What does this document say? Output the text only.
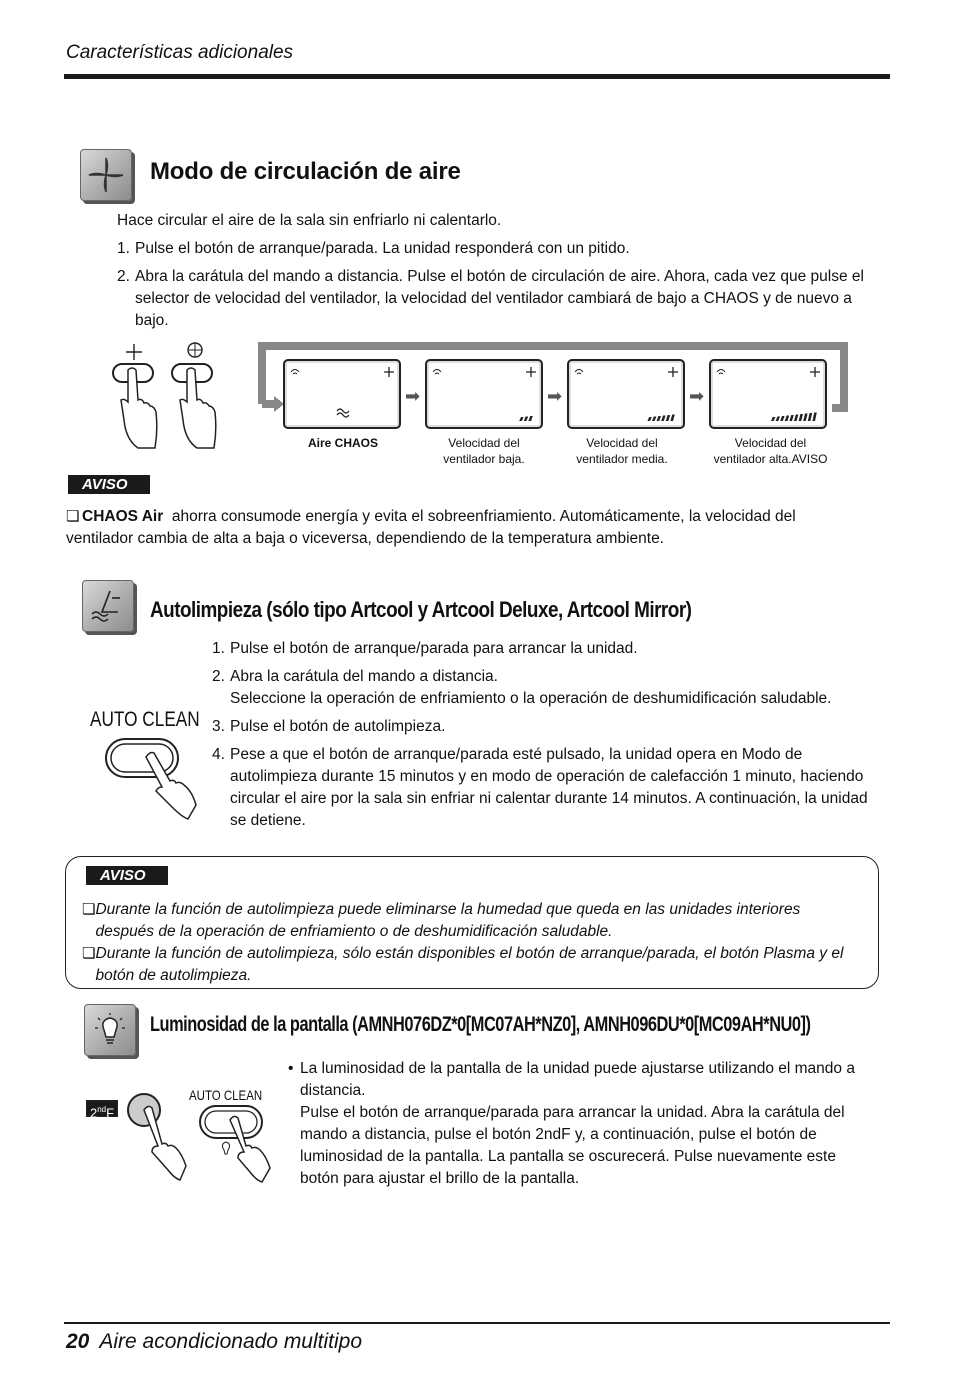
Características adicionales
Modo de circulación de aire
Hace circular el aire de la sala sin enfriarlo ni calentarlo.
1. Pulse el botón de arranque/parada. La unidad responderá con un pitido.
2. Abra la carátula del mando a distancia. Pulse el botón de circulación de aire. Ahora, cada vez que pulse el selector de velocidad del ventilador, la velocidad del ventilador cambiará de bajo a CHAOS y de nuevo a bajo.
➡	➡	➡
Aire CHAOS	Velocidad del
ventilador baja.
Velocidad del
ventilador media.
Velocidad del
ventilador alta.AVISO
AVISO
❏ CHAOS Air ahorra consumode energía y evita el sobreenfriamiento. Automáticamente, la velocidad del ventilador cambia de alta a baja o viceversa, dependiendo de la temperatura ambiente.
Autolimpieza (sólo tipo Artcool y Artcool Deluxe, Artcool Mirror)
AUTO CLEAN
1. Pulse el botón de arranque/parada para arrancar la unidad.
2. Abra la carátula del mando a distancia.
Seleccione la operación de enfriamiento o la operación de deshumidificación saludable.
3. Pulse el botón de autolimpieza.
4. Pese a que el botón de arranque/parada esté pulsado, la unidad opera en Modo de autolimpieza durante 15 minutos y en modo de operación de calefacción 1 minuto, haciendo circular el aire por la sala sin enfriar ni calentar durante 14 minutos. A continuación, la unidad se detiene.
AVISO
❏ Durante la función de autolimpieza puede eliminarse la humedad que queda en las unidades interiores después de la operación de enfriamiento o de deshumidificación saludable.
❏ Durante la función de autolimpieza, sólo están disponibles el botón de arranque/parada, el botón Plasma y el botón de autolimpieza.
Luminosidad de la pantalla (AMNH076DZ*0[MC07AH*NZ0], AMNH096DU*0[MC09AH*NU0])
2ndF
AUTO CLEAN
• La luminosidad de la pantalla de la unidad puede ajustarse utilizando el mando a distancia.
Pulse el botón de arranque/parada para arrancar la unidad. Abra la carátula del mando a distancia, pulse el botón 2ndF y, a continuación, pulse el botón de luminosidad de la pantalla. La pantalla se oscurecerá. Pulse nuevamente este botón para ajustar el brillo de la pantalla.
20 Aire acondicionado multitipo
